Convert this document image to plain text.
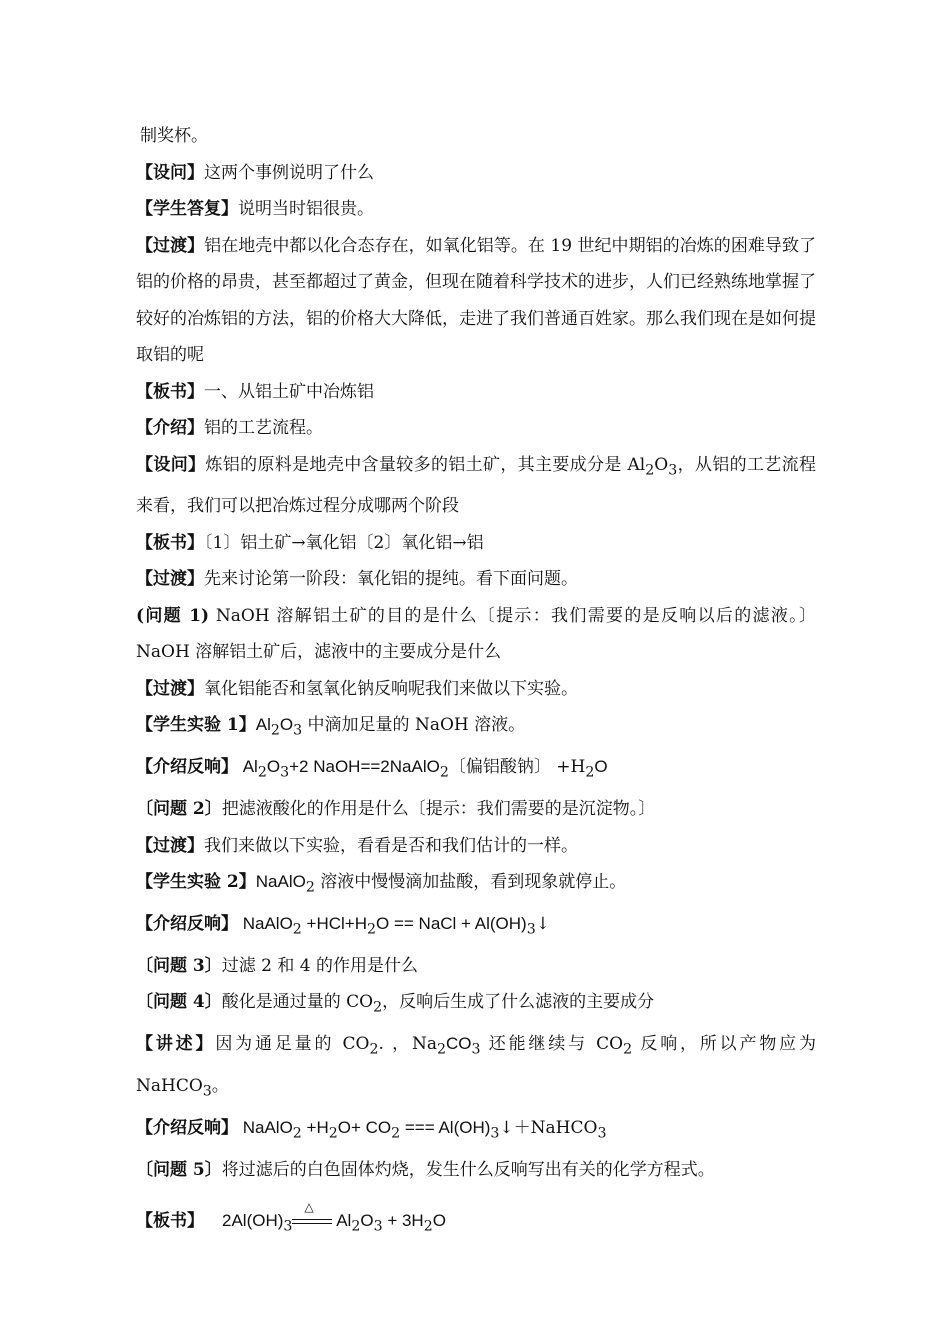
制奖杯。

【设问】这两个事例说明了什么

【学生答复】说明当时铝很贵。

【过渡】铝在地壳中都以化合态存在，如氧化铝等。在 19 世纪中期铝的冶炼的困难导致了铝的价格的昂贵，甚至都超过了黄金，但现在随着科学技术的进步，人们已经熟练地掌握了较好的冶炼铝的方法，铝的价格大大降低，走进了我们普通百姓家。那么我们现在是如何提取铝的呢

【板书】一、从铝土矿中冶炼铝

【介绍】铝的工艺流程。

【设问】炼铝的原料是地壳中含量较多的铝土矿，其主要成分是 $Al_2O_3$，从铝的工艺流程来看，我们可以把冶炼过程分成哪两个阶段

【板书】〔1〕铝土矿→氧化铝〔2〕氧化铝→铝

【过渡】先来讨论第一阶段：氧化铝的提纯。看下面问题。

(问题 1) NaOH 溶解铝土矿的目的是什么〔提示：我们需要的是反响以后的滤液。〕NaOH 溶解铝土矿后，滤液中的主要成分是什么

【过渡】氧化铝能否和氢氧化钠反响呢我们来做以下实验。

【学生实验 1】$Al_2O_3$ 中滴加足量的 NaOH 溶液。

【介绍反响】 $Al_2O_3+2$ NaOH==2NaAlO$_2$〔偏铝酸钠〕 $+H_2O$

〔问题 2〕把滤液酸化的作用是什么〔提示：我们需要的是沉淀物。〕

【过渡】我们来做以下实验，看看是否和我们估计的一样。

【学生实验 2】NaAlO$_2$ 溶液中慢慢滴加盐酸，看到现象就停止。

【介绍反响】 NaAlO$_2$ $+HCl+H_2O$ == NaCl + $Al(OH)_3↓$

〔问题 3〕过滤 2 和 4 的作用是什么

〔问题 4〕酸化是通过量的 $CO_2$，反响后生成了什么滤液的主要成分

【讲述】因为通足量的 $CO_2$. ，$Na_2CO_3$ 还能继续与 $CO_2$ 反响，所以产物应为 NaHCO$_3$。

【介绍反响】 NaAlO$_2$ $+H_2O+ CO_2$ === $Al(OH)_3↓+NaHCO_3$

〔问题 5〕将过滤后的白色固体灼烧，发生什么反响写出有关的化学方程式。

【板书】 $2Al(OH)_3$
△
$Al_2O_3 + 3H_2O$
